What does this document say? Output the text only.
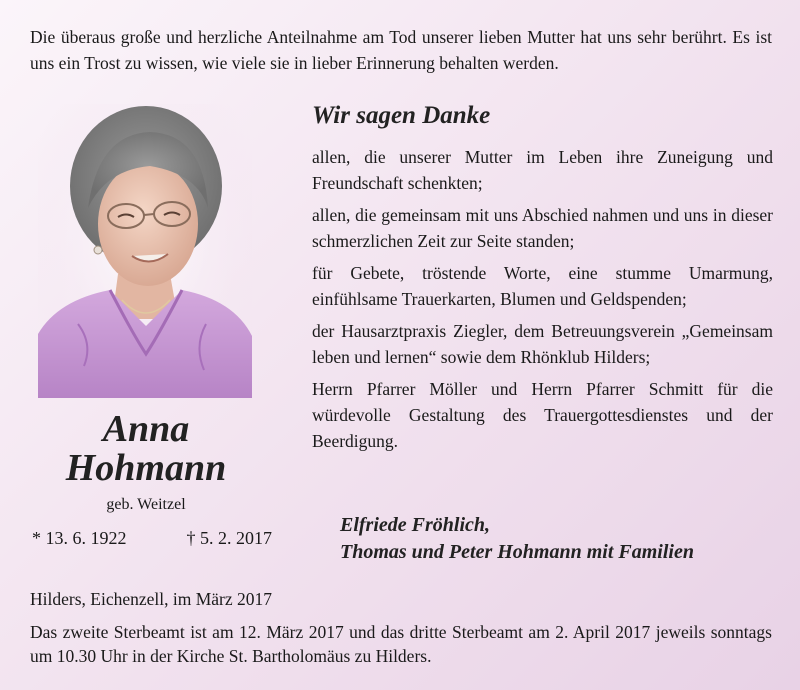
Die überaus große und herzliche Anteilnahme am Tod unserer lieben Mutter hat uns sehr berührt. Es ist uns ein Trost zu wissen, wie viele sie in lieber Erinnerung behalten werden.
Anna
Hohmann
geb. Weitzel
* 13. 6. 1922	† 5. 2. 2017
Wir sagen Danke

allen, die unserer Mutter im Leben ihre Zuneigung und Freundschaft schenkten;

allen, die gemeinsam mit uns Abschied nahmen und uns in dieser schmerzlichen Zeit zur Seite standen;

für Gebete, tröstende Worte, eine stumme Umarmung, einfühlsame Trauerkarten, Blumen und Geldspenden;

der Hausarztpraxis Ziegler, dem Betreuungsverein „Gemeinsam leben und lernen“ sowie dem Rhönklub Hilders;

Herrn Pfarrer Möller und Herrn Pfarrer Schmitt für die würdevolle Gestaltung des Trauergottesdienstes und der Beerdigung.

Elfriede Fröhlich,
Thomas und Peter Hohmann mit Familien
Hilders, Eichenzell, im März 2017
Das zweite Sterbeamt ist am 12. März 2017 und das dritte Sterbeamt am 2. April 2017 jeweils sonntags um 10.30 Uhr in der Kirche St. Bartholomäus zu Hilders.
